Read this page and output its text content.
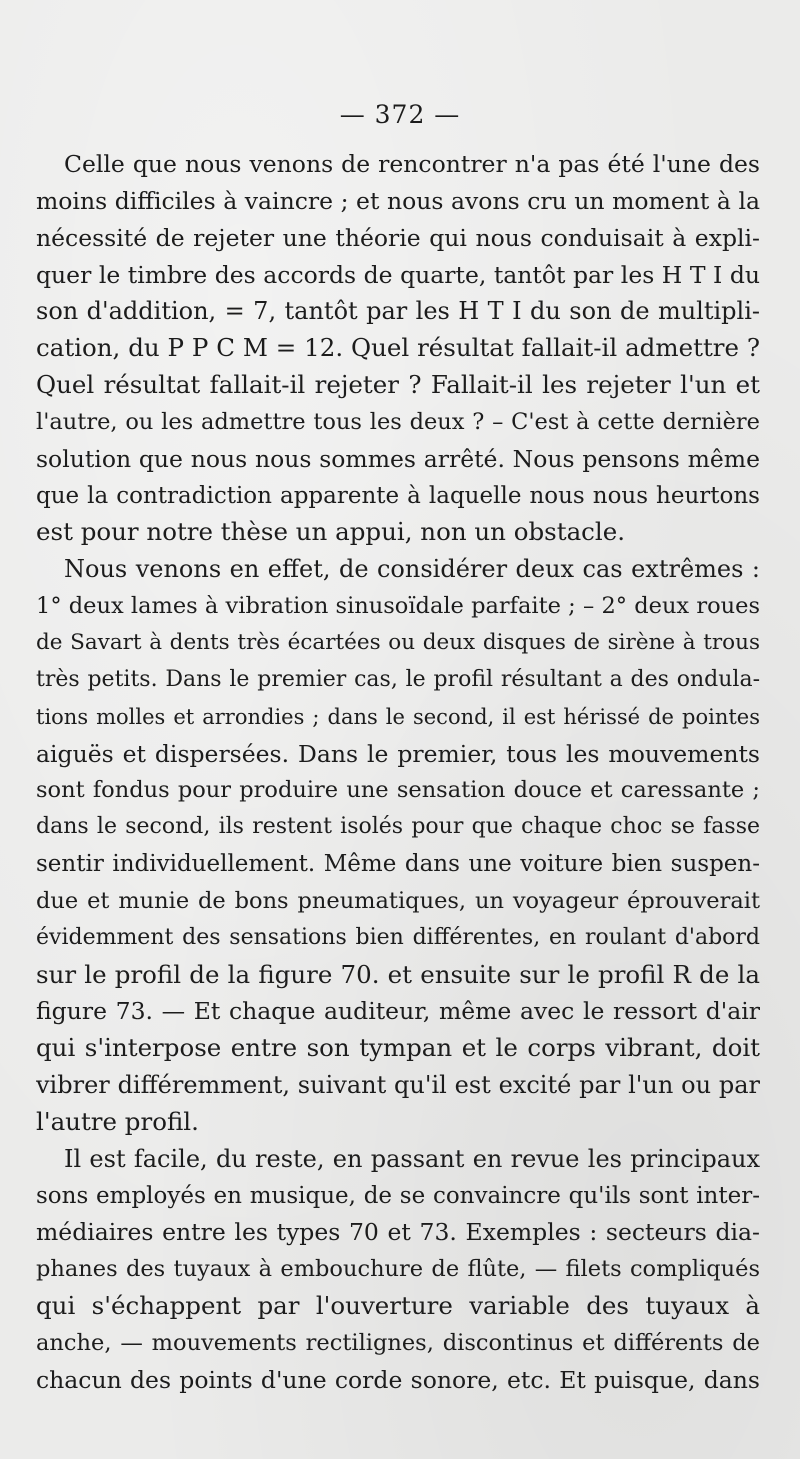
— 372 —
Celle que nous venons de rencontrer n'a pas été l'une des
moins difficiles à vaincre ; et nous avons cru un moment à la
nécessité de rejeter une théorie qui nous conduisait à expli-
quer le timbre des accords de quarte, tantôt par les H T I du
son d'addition, = 7, tantôt par les H T I du son de multipli-
cation, du P P C M = 12. Quel résultat fallait-il admettre ?
Quel résultat fallait-il rejeter ? Fallait-il les rejeter l'un et
l'autre, ou les admettre tous les deux ? – C'est à cette dernière
solution que nous nous sommes arrêté. Nous pensons même
que la contradiction apparente à laquelle nous nous heurtons
est pour notre thèse un appui, non un obstacle.
Nous venons en effet, de considérer deux cas extrêmes :
1° deux lames à vibration sinusoïdale parfaite ; – 2° deux roues
de Savart à dents très écartées ou deux disques de sirène à trous
très petits. Dans le premier cas, le profil résultant a des ondula-
tions molles et arrondies ; dans le second, il est hérissé de pointes
aiguës et dispersées. Dans le premier, tous les mouvements
sont fondus pour produire une sensation douce et caressante ;
dans le second, ils restent isolés pour que chaque choc se fasse
sentir individuellement. Même dans une voiture bien suspen-
due et munie de bons pneumatiques, un voyageur éprouverait
évidemment des sensations bien différentes, en roulant d'abord
sur le profil de la figure 70. et ensuite sur le profil R de la
figure 73. — Et chaque auditeur, même avec le ressort d'air
qui s'interpose entre son tympan et le corps vibrant, doit
vibrer différemment, suivant qu'il est excité par l'un ou par
l'autre profil.
Il est facile, du reste, en passant en revue les principaux
sons employés en musique, de se convaincre qu'ils sont inter-
médiaires entre les types 70 et 73. Exemples : secteurs dia-
phanes des tuyaux à embouchure de flûte, — filets compliqués
qui s'échappent par l'ouverture variable des tuyaux à
anche, — mouvements rectilignes, discontinus et différents de
chacun des points d'une corde sonore, etc. Et puisque, dans
